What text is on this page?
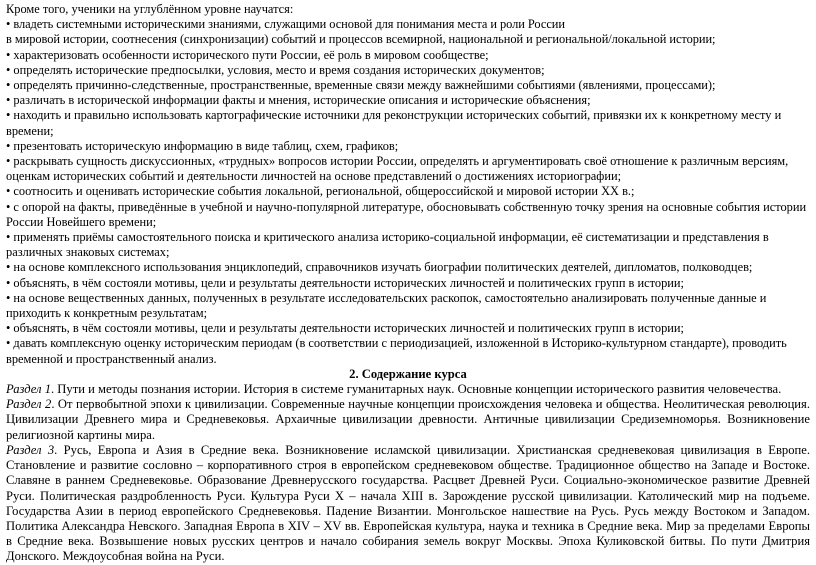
Кроме того, ученики на углублённом уровне научатся:

• владеть системными историческими знаниями, служащими основой для понимания места и роли России

в мировой истории, соотнесения (синхронизации) событий и процессов всемирной, национальной и региональной/локальной истории;

• характеризовать особенности исторического пути России, её роль в мировом сообществе;

• определять исторические предпосылки, условия, место и время создания исторических документов;

• определять причинно-следственные, пространственные, временные связи между важнейшими событиями (явлениями, процессами);

• различать в исторической информации факты и мнения, исторические описания и исторические объяснения;

• находить и правильно использовать картографические источники для реконструкции исторических событий, привязки их к конкретному месту и времени;

• презентовать историческую информацию в виде таблиц, схем, графиков;

• раскрывать сущность дискуссионных, «трудных» вопросов истории России, определять и аргументировать своё отношение к различным версиям, оценкам исторических событий и деятельности личностей на основе представлений о достижениях историографии;

• соотносить и оценивать исторические события локальной, региональной, общероссийской и мировой истории XX в.;

• с опорой на факты, приведённые в учебной и научно-популярной литературе, обосновывать собственную точку зрения на основные события истории России Новейшего времени;

• применять приёмы самостоятельного поиска и критического анализа историко-социальной информации, её систематизации и представления в различных знаковых системах;

• на основе комплексного использования энциклопедий, справочников изучать биографии политических деятелей, дипломатов, полководцев;

• объяснять, в чём состояли мотивы, цели и результаты деятельности исторических личностей и политических групп в истории;

• на основе вещественных данных, полученных в результате исследовательских раскопок, самостоятельно анализировать полученные данные и приходить к конкретным результатам;

• объяснять, в чём состояли мотивы, цели и результаты деятельности исторических личностей и политических групп в истории;

• давать комплексную оценку историческим периодам (в соответствии с периодизацией, изложенной в Историко-культурном стандарте), проводить временной и пространственный анализ.

2. Содержание курса

Раздел 1. Пути и методы познания истории. История в системе гуманитарных наук. Основные концепции исторического развития человечества.

Раздел 2. От первобытной эпохи к цивилизации. Современные научные концепции происхождения человека и общества. Неолитическая революция. Цивилизации Древнего мира и Средневековья. Архаичные цивилизации древности. Античные цивилизации Средиземноморья. Возникновение религиозной картины мира.

Раздел 3. Русь, Европа и Азия в Средние века. Возникновение исламской цивилизации. Христианская средневековая цивилизация в Европе. Становление и развитие сословно – корпоративного строя в европейском средневековом обществе. Традиционное общество на Западе и Востоке. Славяне в раннем Средневековье. Образование Древнерусского государства. Расцвет Древней Руси. Социально-экономическое развитие Древней Руси. Политическая раздробленность Руси. Культура Руси X – начала XIII в. Зарождение русской цивилизации. Католический мир на подъеме. Государства Азии в период европейского Средневековья. Падение Византии. Монгольское нашествие на Русь. Русь между Востоком и Западом. Политика Александра Невского. Западная Европа в XIV – XV вв. Европейская культура, наука и техника в Средние века. Мир за пределами Европы в Средние века. Возвышение новых русских центров и начало собирания земель вокруг Москвы. Эпоха Куликовской битвы. По пути Дмитрия Донского. Междоусобная война на Руси.
